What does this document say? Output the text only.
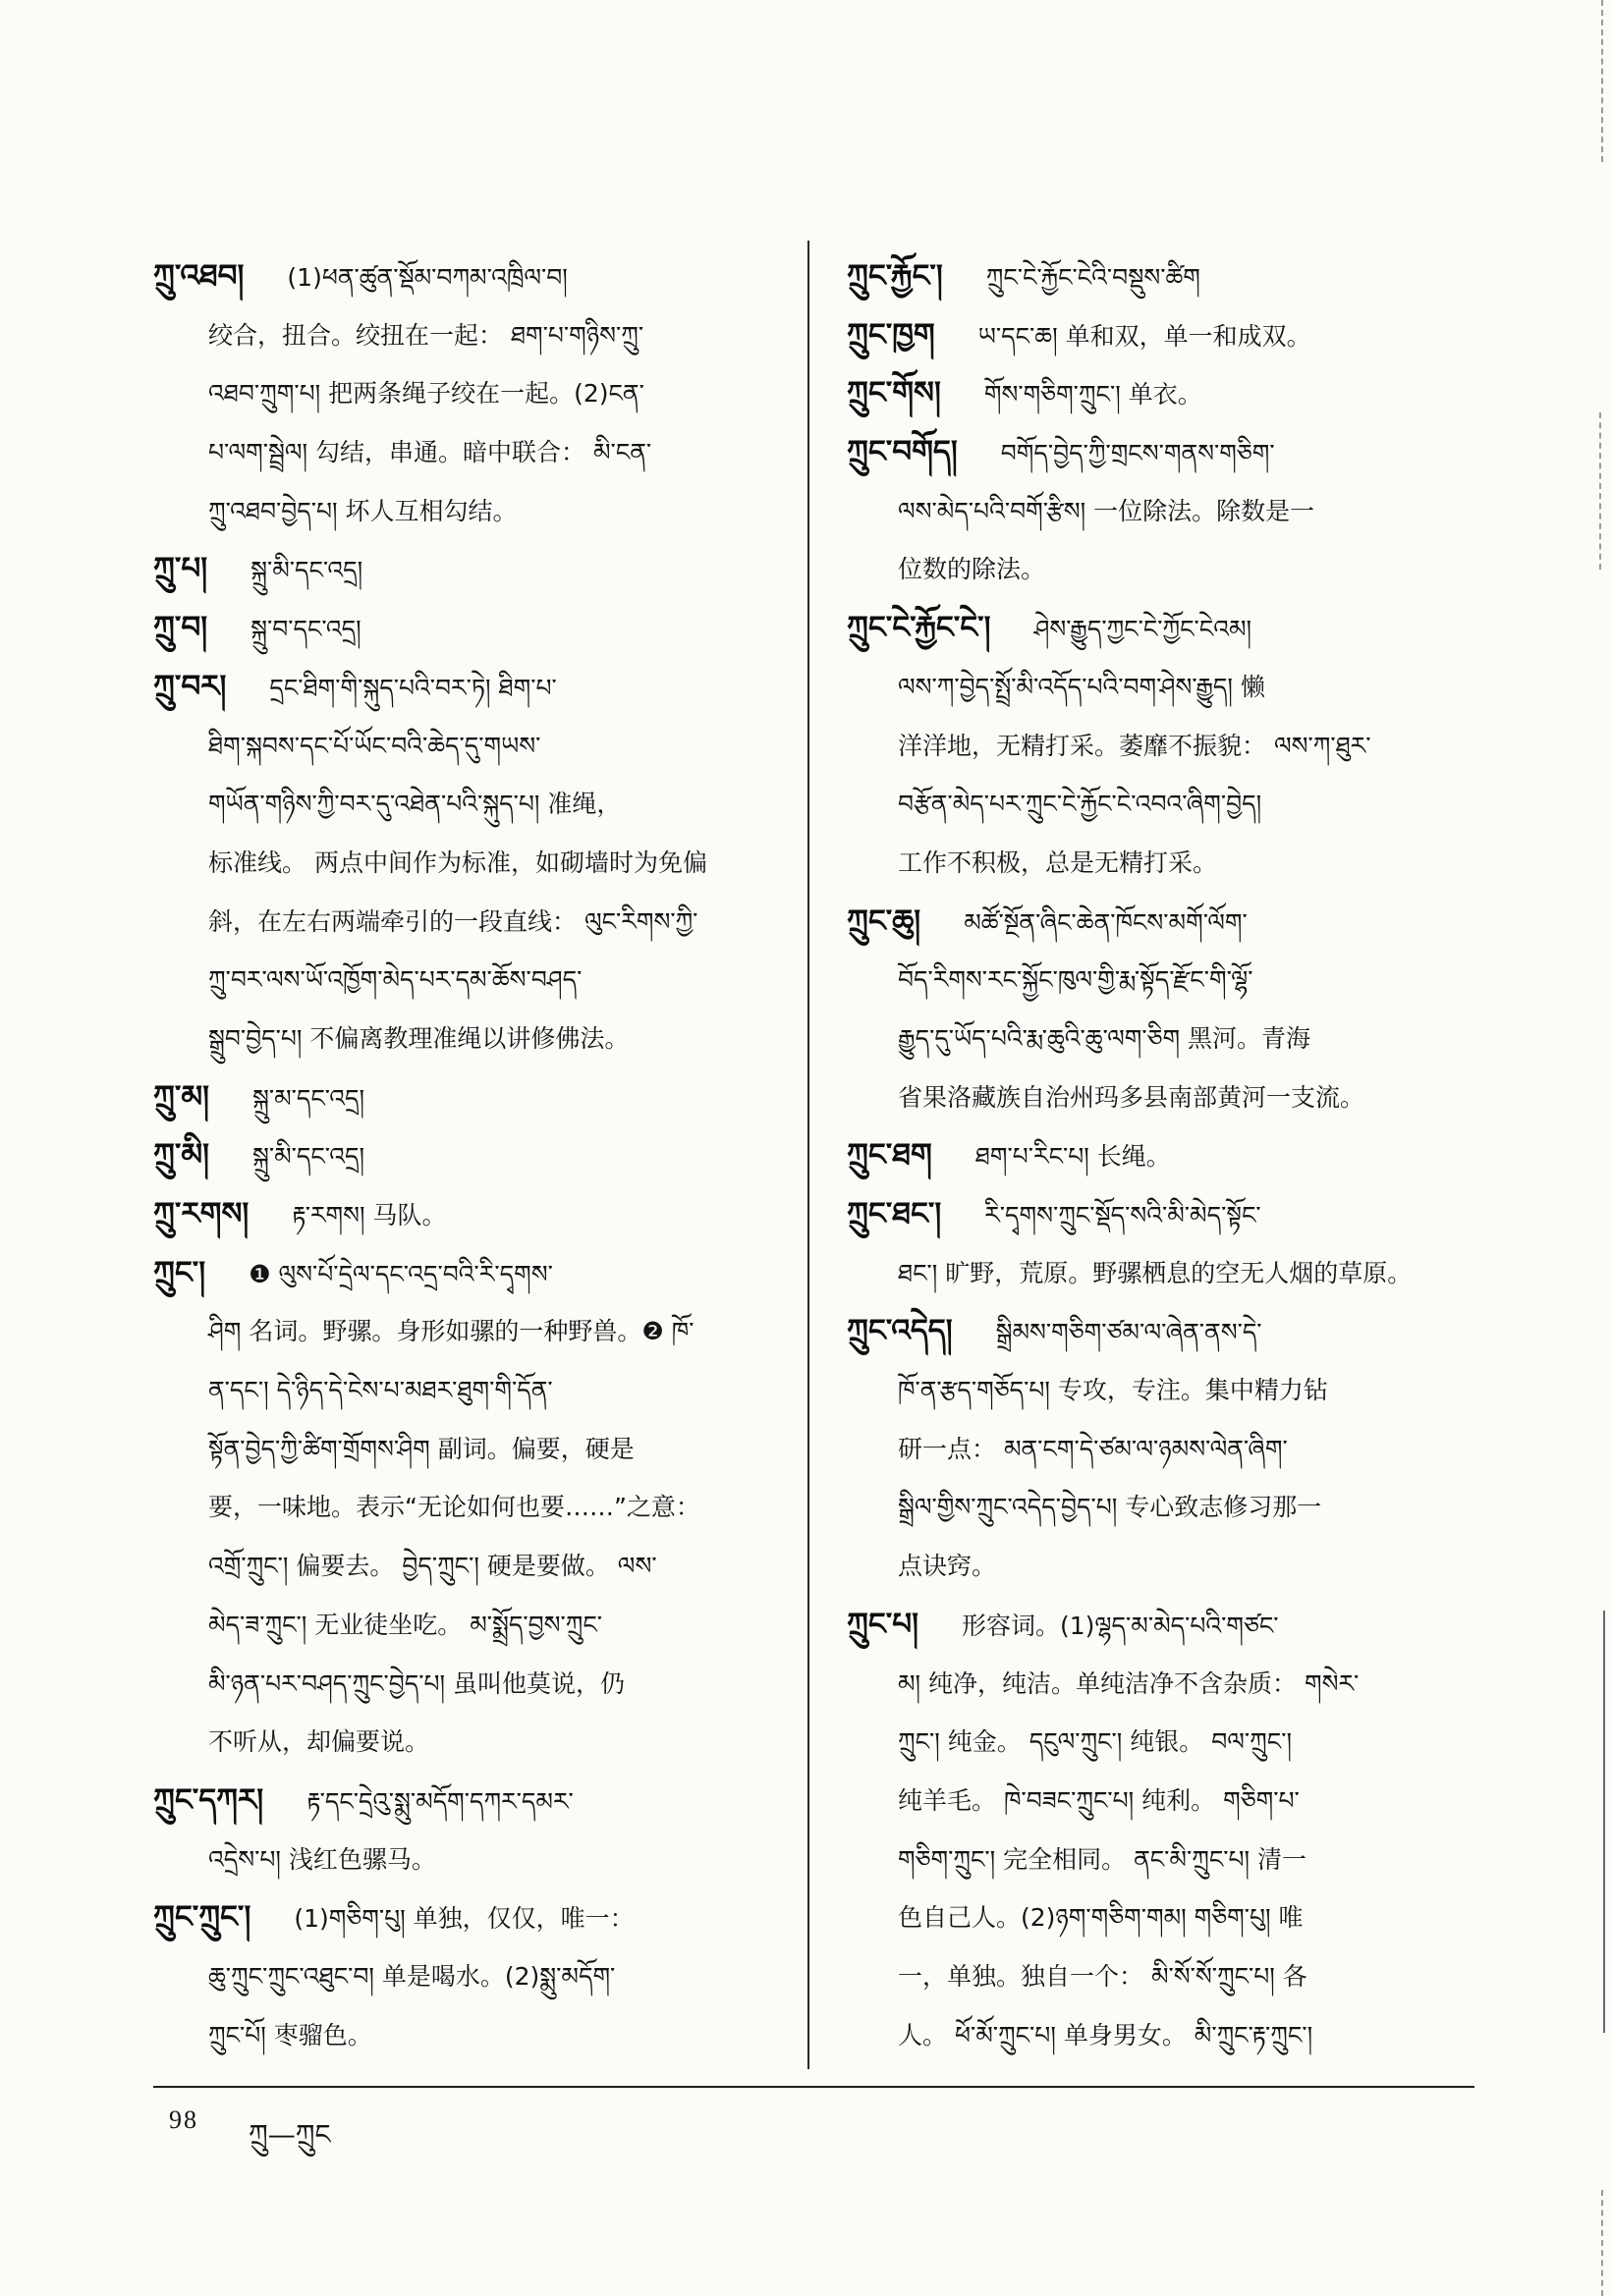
ཀྲུ་འཐབ། (1)ཕན་ཚུན་སྡོམ་བཀམ་འཁྲིལ་བ།
绞合，扭合。绞扭在一起： ཐག་པ་གཉིས་ཀྲུ་
འཐབ་ཀྲུག་པ། 把两条绳子绞在一起。(2)ངན་
པ་ལག་སྦྲེལ། 勾结，串通。暗中联合： མི་ངན་
ཀྲུ་འཐབ་བྱེད་པ། 坏人互相勾结。
ཀྲུ་པ། སྐྲུ་མི་དང་འདྲ།
ཀྲུ་བ། སྐྲུ་བ་དང་འདྲ།
ཀྲུ་བར། དྲང་ཐིག་གི་སྐུད་པའི་བར་ཏེ། ཐིག་པ་
ཐིག་སྐབས་དང་པོ་ཡོང་བའི་ཆེད་དུ་གཡས་
གཡོན་གཉིས་ཀྱི་བར་དུ་འཐེན་པའི་སྐུད་པ། 准绳，
标准线。 两点中间作为标准，如砌墙时为免偏
斜，在左右两端牵引的一段直线： ལུང་རིགས་ཀྱི་
ཀྲུ་བར་ལས་ཡོ་འཁྱོག་མེད་པར་དམ་ཆོས་བཤད་
སྒྲུབ་བྱེད་པ། 不偏离教理准绳以讲修佛法。
ཀྲུ་མ། སྐྲུ་མ་དང་འདྲ།
ཀྲུ་མི། སྐྲུ་མི་དང་འདྲ།
ཀྲུ་རགས། རྟ་རགས། 马队。
ཀྲུང་། ❶ ལུས་པོ་དྲེལ་དང་འདྲ་བའི་རི་དྭགས་
ཤིག 名词。野骡。身形如骡的一种野兽。❷ ཁོ་
ན་དང་། དེ་ཉིད་དེ་ངེས་པ་མཐར་ཐུག་གི་དོན་
སྟོན་བྱེད་ཀྱི་ཚིག་གྲོགས་ཤིག 副词。偏要，硬是
要，一味地。表示“无论如何也要……”之意：
འགྲོ་ཀྲུང་། 偏要去。 བྱེད་ཀྲུང་། 硬是要做。 ལས་
མེད་ཟ་ཀྲུང་། 无业徒坐吃。 མ་སྨྲོད་བྱས་ཀྲུང་
མི་ཉན་པར་བཤད་ཀྲུང་བྱེད་པ། 虽叫他莫说，仍
不听从，却偏要说。
ཀྲུང་དཀར། རྟ་དང་དྲེའུ་སྨུ་མདོག་དཀར་དམར་
འདྲེས་པ། 浅红色骡马。
ཀྲུང་ཀྲུང་། (1)གཅིག་པུ། 单独，仅仅，唯一：
ཆུ་ཀྲུང་ཀྲུང་འཐུང་བ། 单是喝水。(2)སྨུ་མདོག་
ཀྲུང་པོ། 枣骝色。
ཀྲུང་རྐྱོང་། ཀྲུང་ངེ་རྐྱོང་ངེའི་བསྡུས་ཚིག
ཀྲུང་ཁྱག ཡ་དང་ཆ། 单和双，单一和成双。
ཀྲུང་གོས། གོས་གཅིག་ཀྲུང་། 单衣。
ཀྲུང་བགོད། བགོད་བྱེད་ཀྱི་གྲངས་གནས་གཅིག་
ལས་མེད་པའི་བགོ་རྩིས། 一位除法。除数是一
位数的除法。
ཀྲུང་ངེ་རྐྱོང་ངེ་། ཤེས་རྒྱུད་ཀྱང་ངེ་ཀྱོང་ངེའམ།
ལས་ཀ་བྱེད་སྤྲོ་མི་འདོད་པའི་བག་ཤེས་རྒྱུད། 懒
洋洋地，无精打采。萎靡不振貌： ལས་ཀ་ཐུར་
བརྩོན་མེད་པར་ཀྲུང་ངེ་རྐྱོང་ངེ་འབའ་ཞིག་བྱེད།
工作不积极，总是无精打采。
ཀྲུང་ཆུ། མཚོ་སྔོན་ཞིང་ཆེན་ཁོངས་མགོ་ལོག་
བོད་རིགས་རང་སྐྱོང་ཁུལ་གྱི་རྨ་སྟོད་རྫོང་གི་ལྷོ་
རྒྱུད་དུ་ཡོད་པའི་རྨ་ཆུའི་ཆུ་ལག་ཅིག 黑河。青海
省果洛藏族自治州玛多县南部黄河一支流。
ཀྲུང་ཐག ཐག་པ་རིང་པ། 长绳。
ཀྲུང་ཐང་། རི་དྭགས་ཀྲུང་སྡོད་སའི་མི་མེད་སྟོང་
ཐང་། 旷野，荒原。野骡栖息的空无人烟的草原。
ཀྲུང་འདེད། སྒྲིམས་གཅིག་ཙམ་ལ་ཞེན་ནས་དེ་
ཁོ་ན་རྩད་གཅོད་པ། 专攻，专注。集中精力钻
研一点： མན་ངག་དེ་ཙམ་ལ་ཉམས་ལེན་ཞིག་
སྒྲིལ་གྱིས་ཀྲུང་འདེད་བྱེད་པ། 专心致志修习那一
点诀窍。
ཀྲུང་པ། 形容词。(1)ལྷད་མ་མེད་པའི་གཙང་
མ། 纯净，纯洁。单纯洁净不含杂质： གསེར་
ཀྲུང་། 纯金。 དངུལ་ཀྲུང་། 纯银。 བལ་ཀྲུང་།
纯羊毛。 ཁེ་བཟང་ཀྲུང་པ། 纯利。 གཅིག་པ་
གཅིག་ཀྲུང་། 完全相同。 ནང་མི་ཀྲུང་པ། 清一
色自己人。(2)ཉག་གཅིག་གམ། གཅིག་པུ། 唯
一，单独。独自一个： མི་སོ་སོ་ཀྲུང་པ། 各
人。 ཕོ་མོ་ཀྲུང་པ། 单身男女。 མི་ཀྲུང་རྟ་ཀྲུང་།
98 ཀྲུ—ཀྲུང
